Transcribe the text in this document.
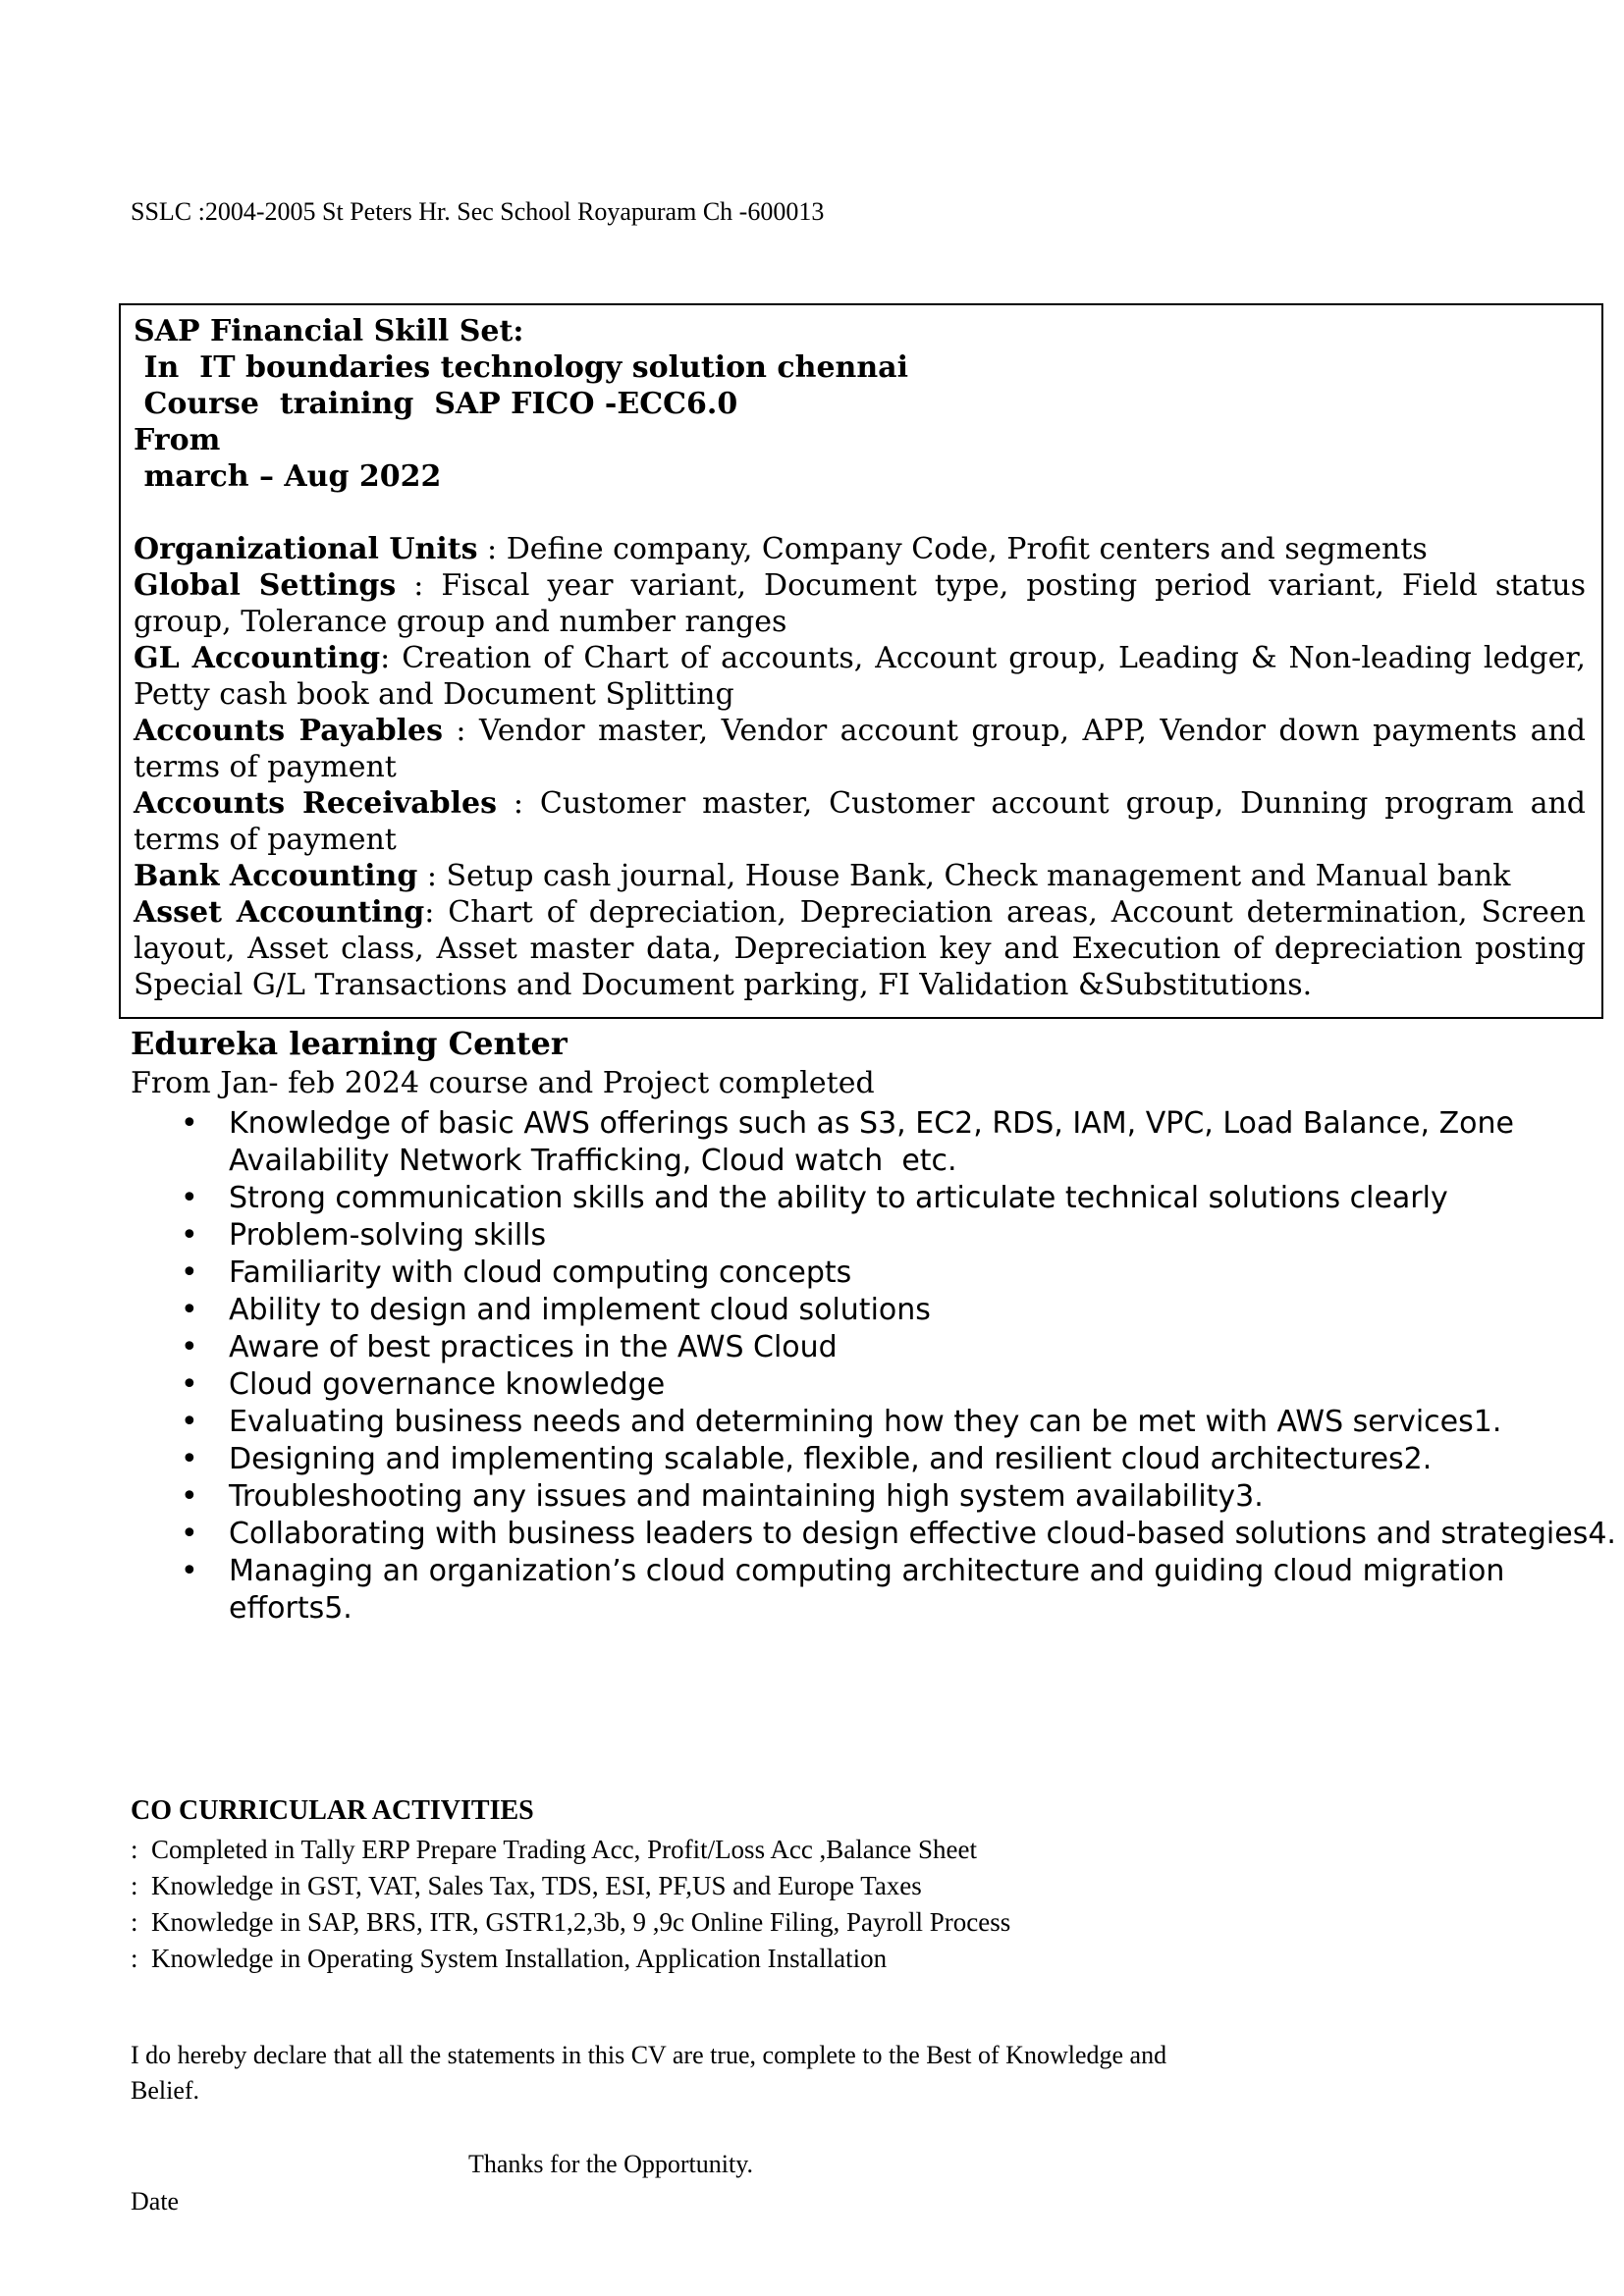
SSLC :2004-2005 St Peters Hr. Sec School Royapuram Ch -600013
SAP Financial Skill Set:
In  IT boundaries technology solution chennai
Course  training  SAP FICO -ECC6.0
From
march – Aug 2022

Organizational Units : Define company, Company Code, Profit centers and segments

Global Settings : Fiscal year variant, Document type, posting period variant, Field status group, Tolerance group and number ranges

GL Accounting: Creation of Chart of accounts, Account group, Leading & Non-leading ledger, Petty cash book and Document Splitting

Accounts Payables : Vendor master, Vendor account group, APP, Vendor down payments and terms of payment

Accounts Receivables : Customer master, Customer account group, Dunning program and terms of payment

Bank Accounting : Setup cash journal, House Bank, Check management and Manual bank

Asset Accounting: Chart of depreciation, Depreciation areas, Account determination, Screen layout, Asset class, Asset master data, Depreciation key and Execution of depreciation posting Special G/L Transactions and Document parking, FI Validation &Substitutions.

Edureka learning Center
From Jan- feb 2024 course and Project completed
• Knowledge of basic AWS offerings such as S3, EC2, RDS, IAM, VPC, Load Balance, Zone Availability Network Trafficking, Cloud watch  etc.
• Strong communication skills and the ability to articulate technical solutions clearly
• Problem-solving skills
• Familiarity with cloud computing concepts
• Ability to design and implement cloud solutions
• Aware of best practices in the AWS Cloud
• Cloud governance knowledge
• Evaluating business needs and determining how they can be met with AWS services1.
• Designing and implementing scalable, flexible, and resilient cloud architectures2.
• Troubleshooting any issues and maintaining high system availability3.
• Collaborating with business leaders to design effective cloud-based solutions and strategies4.
• Managing an organization’s cloud computing architecture and guiding cloud migration efforts5.
CO CURRICULAR ACTIVITIES
:  Completed in Tally ERP Prepare Trading Acc, Profit/Loss Acc ,Balance Sheet
:  Knowledge in GST, VAT, Sales Tax, TDS, ESI, PF,US and Europe Taxes
:  Knowledge in SAP, BRS, ITR, GSTR1,2,3b, 9 ,9c Online Filing, Payroll Process
:  Knowledge in Operating System Installation, Application Installation
I do hereby declare that all the statements in this CV are true, complete to the Best of Knowledge and Belief.
Thanks for the Opportunity.
Date
